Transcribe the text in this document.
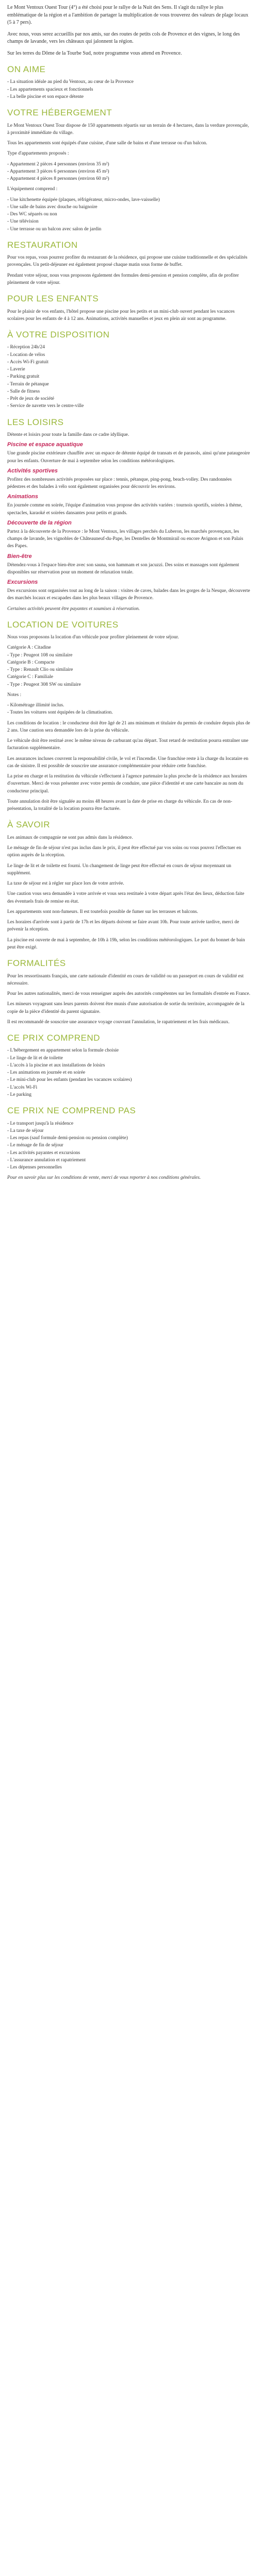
Le Mont Ventoux Ouest Tour (4°) a été choisi pour le rallye de la Nuit des Sens. Il s'agit du rallye le plus emblématique de la région et a l'ambition de partager la multiplication de vous trouverez des valeurs de plage locaux (5 à 7 pers).

Avec nous, vous serez accueillis par nos amis, sur des routes de petits cols de Provence et des vignes, le long des champs de lavande, vers les châteaux qui jalonnent la région.

Sur les terres du Dôme de la Tourbe Sud, notre programme vous attend en Provence.

ON AIME
- La situation idéale au pied du Ventoux, au cœur de la Provence
- Les appartements spacieux et fonctionnels
- La belle piscine et son espace détente
VOTRE HÉBERGEMENT

Le Mont Ventoux Ouest Tour dispose de 150 appartements répartis sur un terrain de 4 hectares, dans la verdure provençale, à proximité immédiate du village.

Tous les appartements sont équipés d'une cuisine, d'une salle de bains et d'une terrasse ou d'un balcon.

Type d'appartements proposés :

- Appartement 2 pièces 4 personnes (environ 35 m²)
- Appartement 3 pièces 6 personnes (environ 45 m²)
- Appartement 4 pièces 8 personnes (environ 60 m²)

L'équipement comprend :

- Une kitchenette équipée (plaques, réfrigérateur, micro-ondes, lave-vaisselle)
- Une salle de bains avec douche ou baignoire
- Des WC séparés ou non
- Une télévision
- Une terrasse ou un balcon avec salon de jardin
RESTAURATION

Pour vos repas, vous pourrez profiter du restaurant de la résidence, qui propose une cuisine traditionnelle et des spécialités provençales. Un petit-déjeuner est également proposé chaque matin sous forme de buffet.

Pendant votre séjour, nous vous proposons également des formules demi-pension et pension complète, afin de profiter pleinement de votre séjour.

POUR LES ENFANTS

Pour le plaisir de vos enfants, l'hôtel propose une piscine pour les petits et un mini-club ouvert pendant les vacances scolaires pour les enfants de 4 à 12 ans. Animations, activités manuelles et jeux en plein air sont au programme.

À VOTRE DISPOSITION
- Réception 24h/24
- Location de vélos
- Accès Wi-Fi gratuit
- Laverie
- Parking gratuit
- Terrain de pétanque
- Salle de fitness
- Prêt de jeux de société
- Service de navette vers le centre-ville
LES LOISIRS

Détente et loisirs pour toute la famille dans ce cadre idyllique.

Piscine et espace aquatique

Une grande piscine extérieure chauffée avec un espace de détente équipé de transats et de parasols, ainsi qu'une pataugeoire pour les enfants. Ouverture de mai à septembre selon les conditions météorologiques.

Activités sportives

Profitez des nombreuses activités proposées sur place : tennis, pétanque, ping-pong, beach-volley. Des randonnées pédestres et des balades à vélo sont également organisées pour découvrir les environs.

Animations

En journée comme en soirée, l'équipe d'animation vous propose des activités variées : tournois sportifs, soirées à thème, spectacles, karaoké et soirées dansantes pour petits et grands.

Découverte de la région

Partez à la découverte de la Provence : le Mont Ventoux, les villages perchés du Luberon, les marchés provençaux, les champs de lavande, les vignobles de Châteauneuf-du-Pape, les Dentelles de Montmirail ou encore Avignon et son Palais des Papes.

Bien-être

Détendez-vous à l'espace bien-être avec son sauna, son hammam et son jacuzzi. Des soins et massages sont également disponibles sur réservation pour un moment de relaxation totale.

Excursions

Des excursions sont organisées tout au long de la saison : visites de caves, balades dans les gorges de la Nesque, découverte des marchés locaux et escapades dans les plus beaux villages de Provence.

Certaines activités peuvent être payantes et soumises à réservation.

LOCATION DE VOITURES

Nous vous proposons la location d'un véhicule pour profiter pleinement de votre séjour.

Catégorie A : Citadine
- Type : Peugeot 108 ou similaire
Catégorie B : Compacte
- Type : Renault Clio ou similaire
Catégorie C : Familiale
- Type : Peugeot 308 SW ou similaire

Notes :

- Kilométrage illimité inclus.
- Toutes les voitures sont équipées de la climatisation.

Les conditions de location : le conducteur doit être âgé de 21 ans minimum et titulaire du permis de conduire depuis plus de 2 ans. Une caution sera demandée lors de la prise du véhicule.

Le véhicule doit être restitué avec le même niveau de carburant qu'au départ. Tout retard de restitution pourra entraîner une facturation supplémentaire.

Les assurances incluses couvrent la responsabilité civile, le vol et l'incendie. Une franchise reste à la charge du locataire en cas de sinistre. Il est possible de souscrire une assurance complémentaire pour réduire cette franchise.

La prise en charge et la restitution du véhicule s'effectuent à l'agence partenaire la plus proche de la résidence aux horaires d'ouverture. Merci de vous présenter avec votre permis de conduire, une pièce d'identité et une carte bancaire au nom du conducteur principal.

Toute annulation doit être signalée au moins 48 heures avant la date de prise en charge du véhicule. En cas de non-présentation, la totalité de la location pourra être facturée.

À SAVOIR

Les animaux de compagnie ne sont pas admis dans la résidence.

Le ménage de fin de séjour n'est pas inclus dans le prix, il peut être effectué par vos soins ou vous pouvez l'effectuer en option auprès de la réception.

Le linge de lit et de toilette est fourni. Un changement de linge peut être effectué en cours de séjour moyennant un supplément.

La taxe de séjour est à régler sur place lors de votre arrivée.

Une caution vous sera demandée à votre arrivée et vous sera restituée à votre départ après l'état des lieux, déduction faite des éventuels frais de remise en état.

Les appartements sont non-fumeurs. Il est toutefois possible de fumer sur les terrasses et balcons.

Les horaires d'arrivée sont à partir de 17h et les départs doivent se faire avant 10h. Pour toute arrivée tardive, merci de prévenir la réception.

La piscine est ouverte de mai à septembre, de 10h à 19h, selon les conditions météorologiques. Le port du bonnet de bain peut être exigé.

FORMALITÉS

Pour les ressortissants français, une carte nationale d'identité en cours de validité ou un passeport en cours de validité est nécessaire.

Pour les autres nationalités, merci de vous renseigner auprès des autorités compétentes sur les formalités d'entrée en France.

Les mineurs voyageant sans leurs parents doivent être munis d'une autorisation de sortie du territoire, accompagnée de la copie de la pièce d'identité du parent signataire.

Il est recommandé de souscrire une assurance voyage couvrant l'annulation, le rapatriement et les frais médicaux.

CE PRIX COMPREND
- L'hébergement en appartement selon la formule choisie
- Le linge de lit et de toilette
- L'accès à la piscine et aux installations de loisirs
- Les animations en journée et en soirée
- Le mini-club pour les enfants (pendant les vacances scolaires)
- L'accès Wi-Fi
- Le parking
CE PRIX NE COMPREND PAS
- Le transport jusqu'à la résidence
- La taxe de séjour
- Les repas (sauf formule demi-pension ou pension complète)
- Le ménage de fin de séjour
- Les activités payantes et excursions
- L'assurance annulation et rapatriement
- Les dépenses personnelles

Pour en savoir plus sur les conditions de vente, merci de vous reporter à nos conditions générales.
